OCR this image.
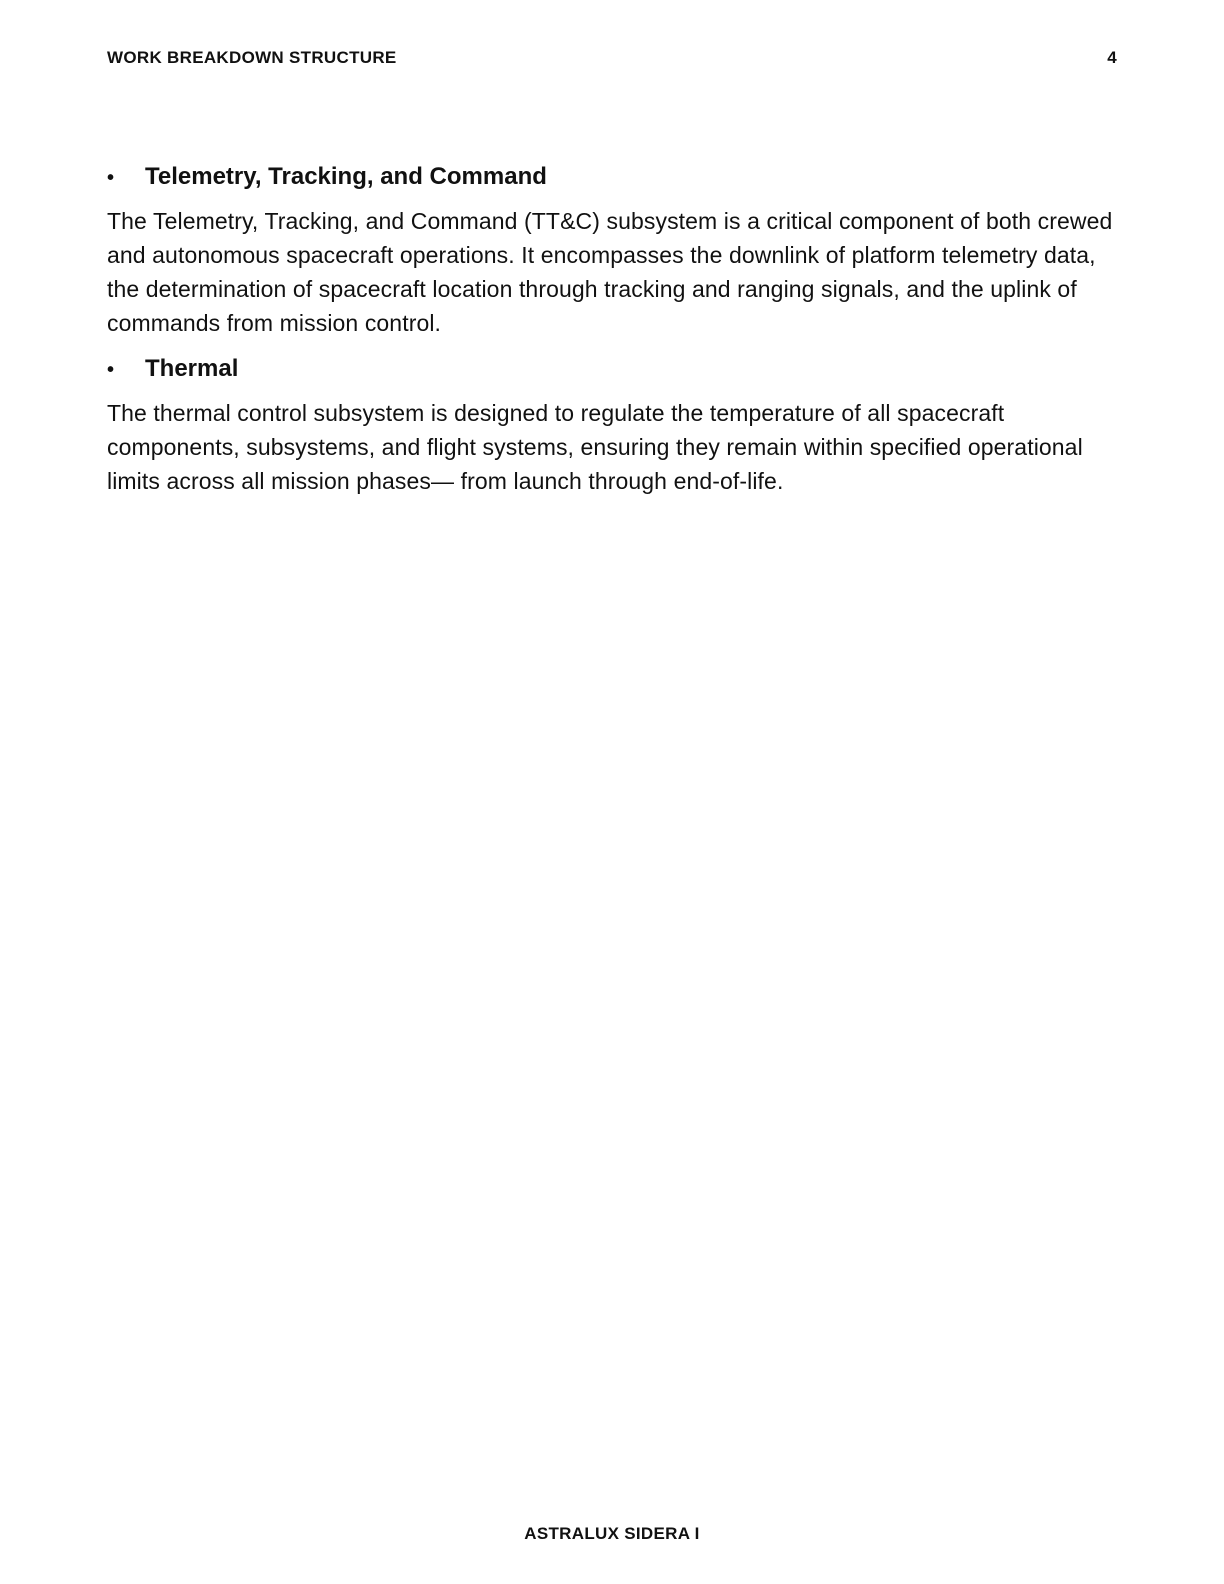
WORK BREAKDOWN STRUCTURE	4
•	Telemetry, Tracking, and Command

The Telemetry, Tracking, and Command (TT&C) subsystem is a critical component of both crewed and autonomous spacecraft operations. It encompasses the downlink of platform telemetry data, the determination of spacecraft location through tracking and ranging signals, and the uplink of commands from mission control.

•	Thermal

The thermal control subsystem is designed to regulate the temperature of all spacecraft components, subsystems, and flight systems, ensuring they remain within specified operational limits across all mission phases— from launch through end-of-life.

ASTRALUX SIDERA I
